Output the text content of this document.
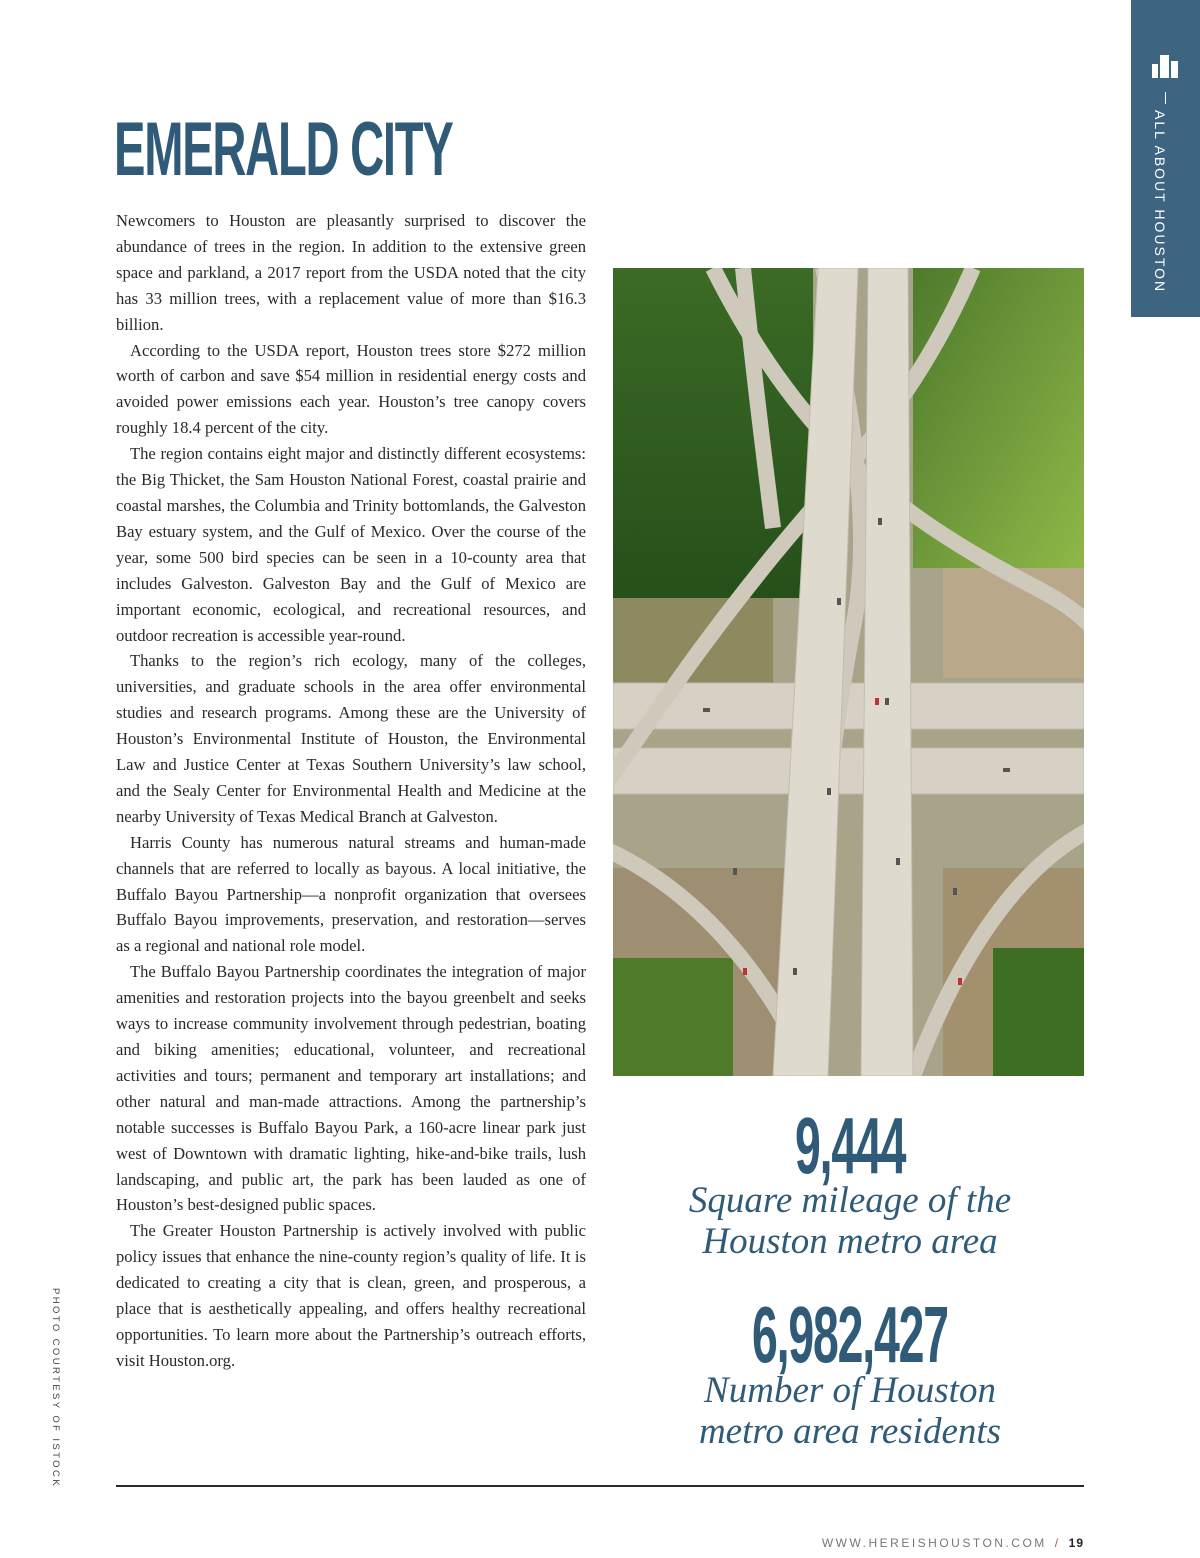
EMERALD CITY

Newcomers to Houston are pleasantly surprised to discover the abundance of trees in the region. In addition to the extensive green space and parkland, a 2017 report from the USDA noted that the city has 33 million trees, with a replacement value of more than $16.3 billion.

According to the USDA report, Houston trees store $272 million worth of carbon and save $54 million in residential energy costs and avoided power emissions each year. Houston’s tree canopy covers roughly 18.4 percent of the city.

The region contains eight major and distinctly different ecosystems: the Big Thicket, the Sam Houston National Forest, coastal prairie and coastal marshes, the Columbia and Trinity bottomlands, the Galveston Bay estuary system, and the Gulf of Mexico. Over the course of the year, some 500 bird species can be seen in a 10-county area that includes Galveston. Galveston Bay and the Gulf of Mexico are important economic, ecological, and recreational resources, and outdoor recreation is accessible year-round.

Thanks to the region’s rich ecology, many of the colleges, universities, and graduate schools in the area offer environmental studies and research programs. Among these are the University of Houston’s Environmental Institute of Houston, the Environmental Law and Justice Center at Texas Southern University’s law school, and the Sealy Center for Environmental Health and Medicine at the nearby University of Texas Medical Branch at Galveston.

Harris County has numerous natural streams and human-made channels that are referred to locally as bayous. A local initiative, the Buffalo Bayou Partnership—a nonprofit organization that oversees Buffalo Bayou improvements, preservation, and restoration—serves as a regional and national role model.

The Buffalo Bayou Partnership coordinates the integration of major amenities and restoration projects into the bayou greenbelt and seeks ways to increase community involvement through pedestrian, boating and biking amenities; educational, volunteer, and recreational activities and tours; permanent and temporary art installations; and other natural and man-made attractions. Among the partnership’s notable successes is Buffalo Bayou Park, a 160-acre linear park just west of Downtown with dramatic lighting, hike-and-bike trails, lush landscaping, and public art, the park has been lauded as one of Houston’s best-designed public spaces.

The Greater Houston Partnership is actively involved with public policy issues that enhance the nine-county region’s quality of life. It is dedicated to creating a city that is clean, green, and prosperous, a place that is aesthetically appealing, and offers healthy recreational opportunities. To learn more about the Partnership’s outreach efforts, visit Houston.org.

9,444
Square mileage of the
Houston metro area
6,982,427
Number of Houston
metro area residents
ALL ABOUT HOUSTON
PHOTO COURTESY OF ISTOCK
WWW.HEREISHOUSTON.COM / 19
